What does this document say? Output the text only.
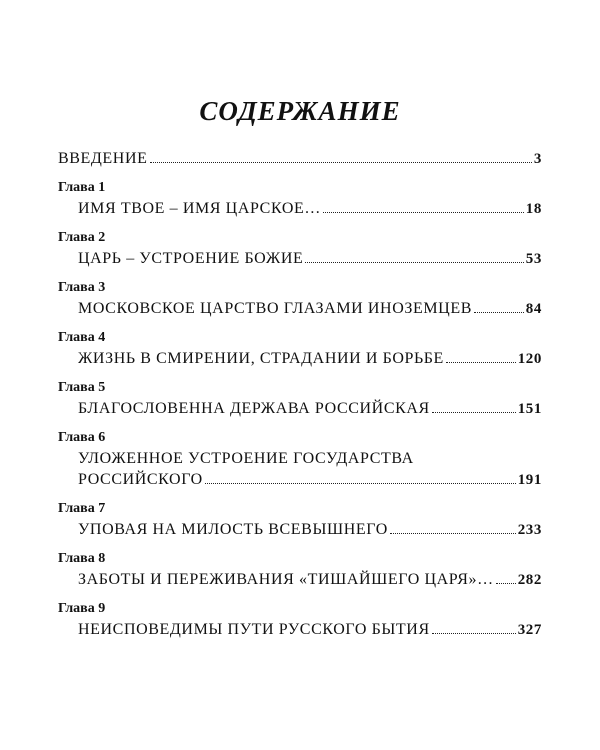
СОДЕРЖАНИЕ
ВВЕДЕНИЕ	3
Глава 1
ИМЯ ТВОЕ – ИМЯ ЦАРСКОЕ…	18
Глава 2
ЦАРЬ – УСТРОЕНИЕ БОЖИЕ	53
Глава 3
МОСКОВСКОЕ ЦАРСТВО ГЛАЗАМИ ИНОЗЕМЦЕВ	84
Глава 4
ЖИЗНЬ В СМИРЕНИИ, СТРАДАНИИ И БОРЬБЕ	120
Глава 5
БЛАГОСЛОВЕННА ДЕРЖАВА РОССИЙСКАЯ	151
Глава 6
УЛОЖЕННОЕ УСТРОЕНИЕ ГОСУДАРСТВА
РОССИЙСКОГО	191
Глава 7
УПОВАЯ НА МИЛОСТЬ ВСЕВЫШНЕГО	233
Глава 8
ЗАБОТЫ И ПЕРЕЖИВАНИЯ «ТИШАЙШЕГО ЦАРЯ»… 282
Глава 9
НЕИСПОВЕДИМЫ ПУТИ РУССКОГО БЫТИЯ	327
